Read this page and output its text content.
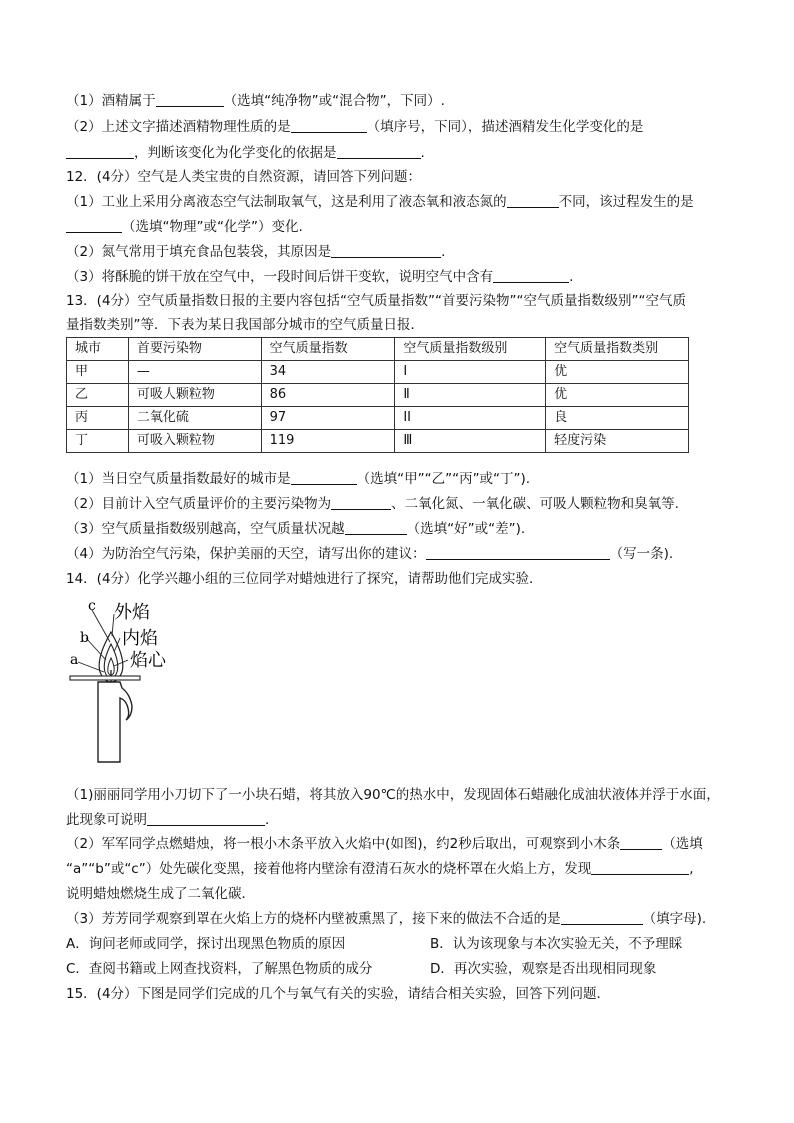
（1）酒精属于	（选填“纯净物”或“混合物”，下同）.
（2）上述文字描述酒精物理性质的是	（填序号，下同），描述酒精发生化学变化的是
，判断该变化为化学变化的依据是	.
12．(4分）空气是人类宝贵的自然资源，请回答下列问题：
（1）工业上采用分离液态空气法制取氧气，这是利用了液态氧和液态氮的	不同，该过程发生的是
（选填“物理”或“化学”）变化.
（2）氮气常用于填充食品包装袋，其原因是	.
（3）将酥脆的饼干放在空气中，一段时间后饼干变软，说明空气中含有	.
13．(4分）空气质量指数日报的主要内容包括“空气质量指数”“首要污染物”“空气质量指数级别”“空气质
量指数类别”等．下表为某日我国部分城市的空气质量日报．
城市	首要污染物	空气质量指数	空气质量指数级别	空气质量指数类别
甲	—	34	I	优
乙	可吸人颗粒物	86	Ⅱ	优
丙	二氧化硫	97	II	良
丁	可吸入颗粒物	119	Ⅲ	轻度污染
（1）当日空气质量指数最好的城市是	（选填“甲”“乙”“丙”或“丁”).
（2）目前计入空气质量评价的主要污染物为	、二氧化氮、一氧化碳、可吸人颗粒物和臭氧等.
（3）空气质量指数级别越高，空气质量状况越	（选填“好”或“差”).
（4）为防治空气污染，保护美丽的天空，请写出你的建议：	（写一条).
14．(4分）化学兴趣小组的三位同学对蜡烛进行了探究，请帮助他们完成实验．
c
b
a
外焰
内焰
焰心
（1)丽丽同学用小刀切下了一小块石蜡，将其放入90℃的热水中，发现固体石蜡融化成油状液体并浮于水面，
此现象可说明	.
（2）军军同学点燃蜡烛，将一根小木条平放入火焰中(如图)，约2秒后取出，可观察到小木条	（选填
“a”“b”或“c”）处先碳化变黑，接着他将内壁涂有澄清石灰水的烧杯罩在火焰上方，发现	,
说明蜡烛燃烧生成了二氧化碳．
（3）芳芳同学观察到罩在火焰上方的烧杯内壁被熏黑了，接下来的做法不合适的是	（填字母).
A．询问老师或同学，探讨出现黑色物质的原因	B．认为该现象与本次实验无关，不予理睬
C．查阅书籍或上网查找资料，了解黑色物质的成分	D．再次实验，观察是否出现相同现象
15．(4分）下图是同学们完成的几个与氧气有关的实验，请结合相关实验，回答下列问题．
